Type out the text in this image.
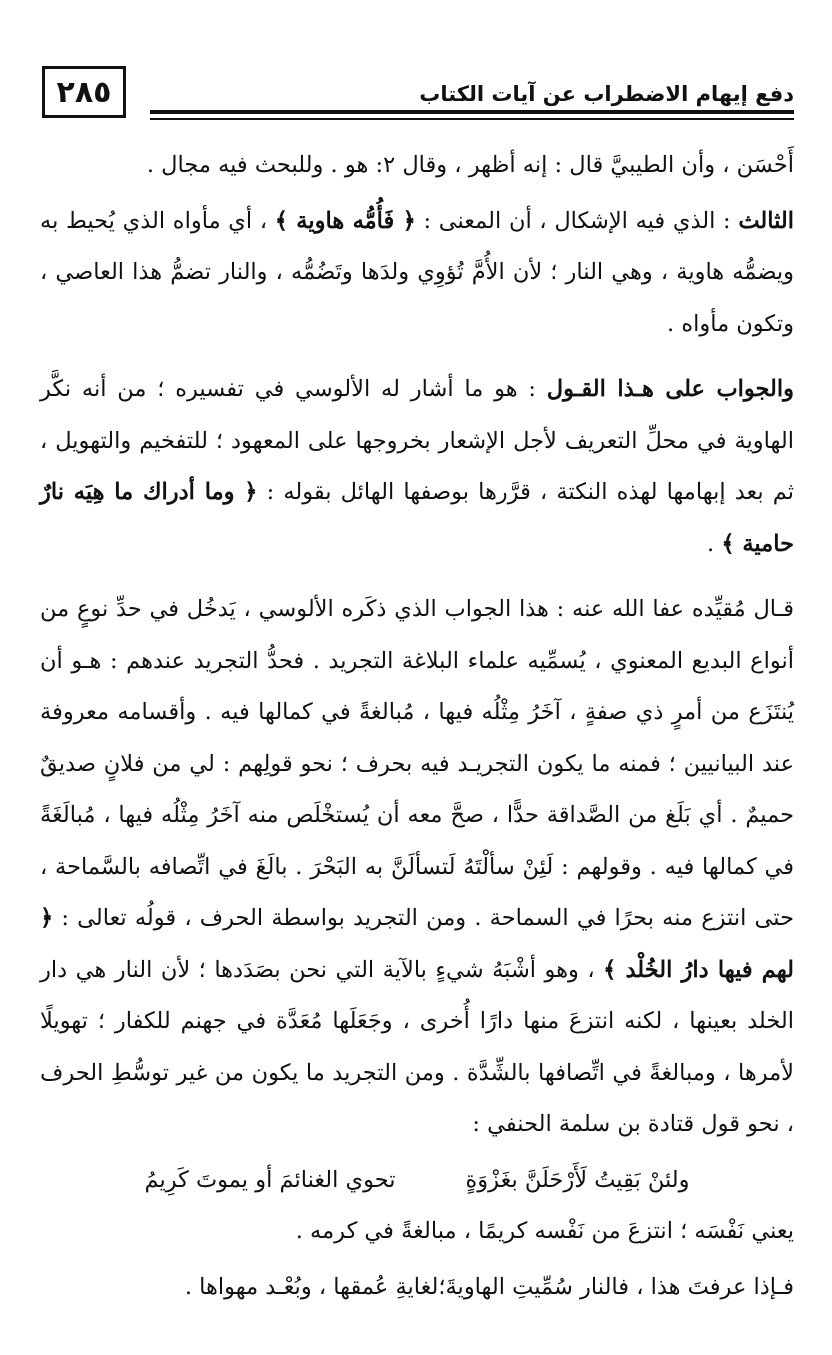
٢٨٥	دفع إيهام الاضطراب عن آيات الكتاب

أَحْسَن ، وأن الطيبيَّ قال : إنه أظهر ، وقال ٢: هو . وللبحث فيه مجال .

الثالث : الذي فيه الإشكال ، أن المعنى : ﴿ فَأُمُّه هاوية ﴾ ، أي مأواه الذي يُحيط به ويضمُّه هاوية ، وهي النار ؛ لأن الأُمَّ تُؤوِي ولدَها وتَضُمُّه ، والنار تضمُّ هذا العاصي ، وتكون مأواه .

والجواب على هـذا القـول : هو ما أشار له الألوسي في تفسيره ؛ من أنه نكَّر الهاوية في محلِّ التعريف لأجل الإشعار بخروجها على المعهود ؛ للتفخيم والتهويل ، ثم بعد إبهامها لهذه النكتة ، قرَّرها بوصفها الهائل بقوله : ﴿ وما أدراك ما هِيَه نارٌ حامية ﴾ .

قـال مُقيِّده عفا الله عنه : هذا الجواب الذي ذكَره الألوسي ، يَدخُل في حدِّ نوعٍ من أنواع البديع المعنوي ، يُسمِّيه علماء البلاغة التجريد . فحدُّ التجريد عندهم : هـو أن يُنتَزَع من أمرٍ ذي صفةٍ ، آخَرُ مِثْلُه فيها ، مُبالغةً في كمالها فيه . وأقسامه معروفة عند البيانيين ؛ فمنه ما يكون التجريـد فيه بحرف ؛ نحو قولِهم : لي من فلانٍ صديقٌ حميمٌ . أي بَلَغ من الصَّداقة حدًّا ، صحَّ معه أن يُستخْلَص منه آخَرُ مِثْلُه فيها ، مُبالَغَةً في كمالها فيه . وقولهم : لَئِنْ سألْتَهُ لَتسألَنَّ به البَحْرَ . بالَغَ في اتِّصافه بالسَّماحة ، حتى انتزع منه بحرًا في السماحة . ومن التجريد بواسطة الحرف ، قولُه تعالى : ﴿ لهم فيها دارُ الخُلْد ﴾ ، وهو أشْبَهُ شيءٍ بالآية التي نحن بصَدَدها ؛ لأن النار هي دار الخلد بعينها ، لكنه انتزعَ منها دارًا أُخرى ، وجَعَلَها مُعَدَّة في جهنم للكفار ؛ تهويلًا لأمرها ، ومبالغةً في اتِّصافها بالشِّدَّة . ومن التجريد ما يكون من غير توسُّطِ الحرف ، نحو قول قتادة بن سلمة الحنفي :

ولئنْ بَقِيتُ لَأَرْحَلَنَّ بغَزْوَةٍ
تحوي الغنائمَ أو يموتَ كَرِيمُ

يعني نَفْسَه ؛ انتزعَ من نَفْسه كريمًا ، مبالغةً في كرمه .

فـإذا عرفتَ هذا ، فالنار سُمِّيتِ الهاويةَ؛لغايةِ عُمقها ، وبُعْـد مهواها .
